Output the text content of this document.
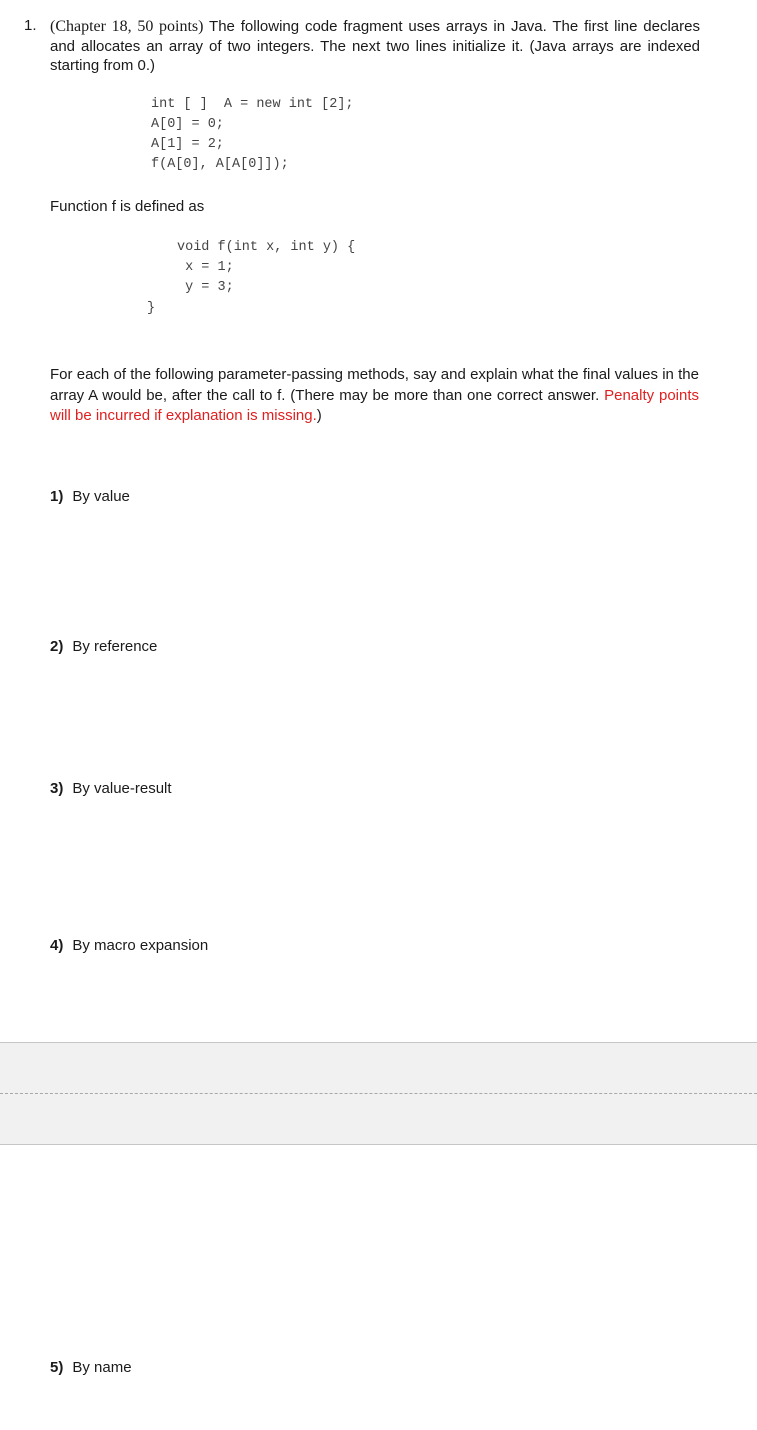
1. (Chapter 18, 50 points) The following code fragment uses arrays in Java. The first line declares and allocates an array of two integers. The next two lines initialize it. (Java arrays are indexed starting from 0.)
int [ ]  A = new int [2];
A[0] = 0;
A[1] = 2;
f(A[0], A[A[0]]);
Function f is defined as
void f(int x, int y) {
x = 1;
y = 3;
}
For each of the following parameter-passing methods, say and explain what the final values in the array A would be, after the call to f. (There may be more than one correct answer. Penalty points will be incurred if explanation is missing.)
1) By value
2) By reference
3) By value-result
4) By macro expansion
5) By name
